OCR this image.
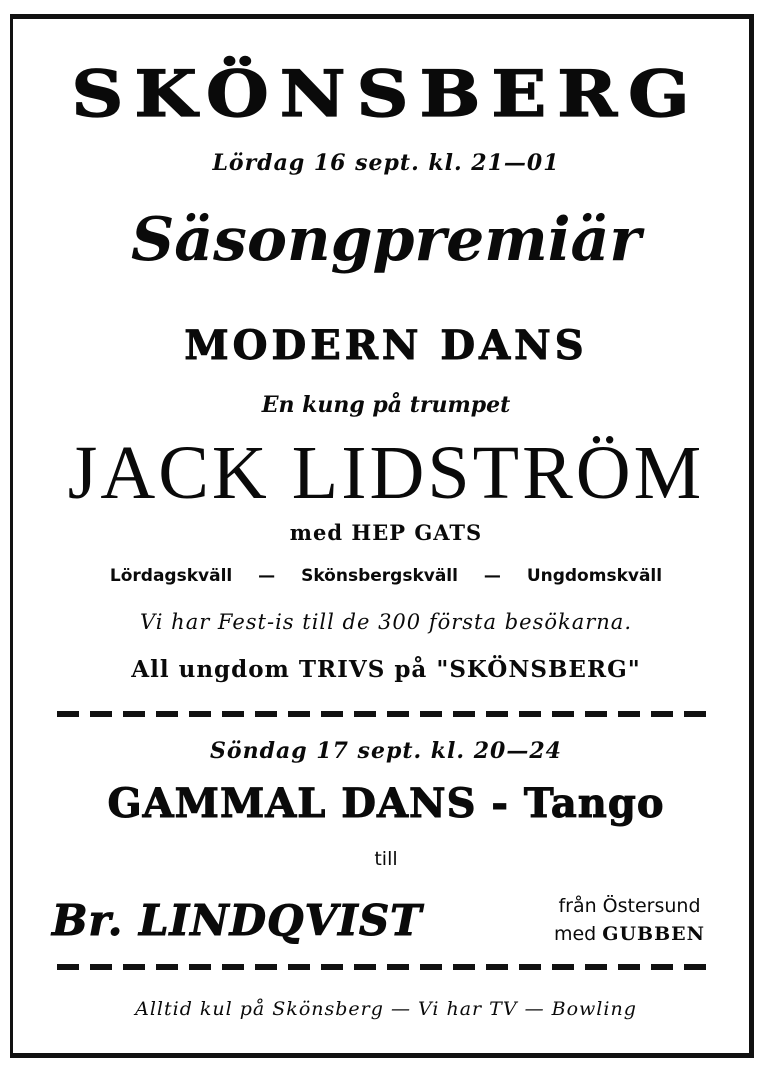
SKÖNSBERG
Lördag 16 sept. kl. 21—01
Säsongpremiär
MODERN DANS
En kung på trumpet
JACK LIDSTRÖM
med HEP GATS
Lördagskväll — Skönsbergskväll — Ungdomskväll
Vi har Fest-is till de 300 första besökarna.
All ungdom TRIVS på "SKÖNSBERG"
Söndag 17 sept. kl. 20—24
GAMMAL DANS - Tango
till
Br. LINDQVIST	från Östersund
med GUBBEN
Alltid kul på Skönsberg — Vi har TV — Bowling
